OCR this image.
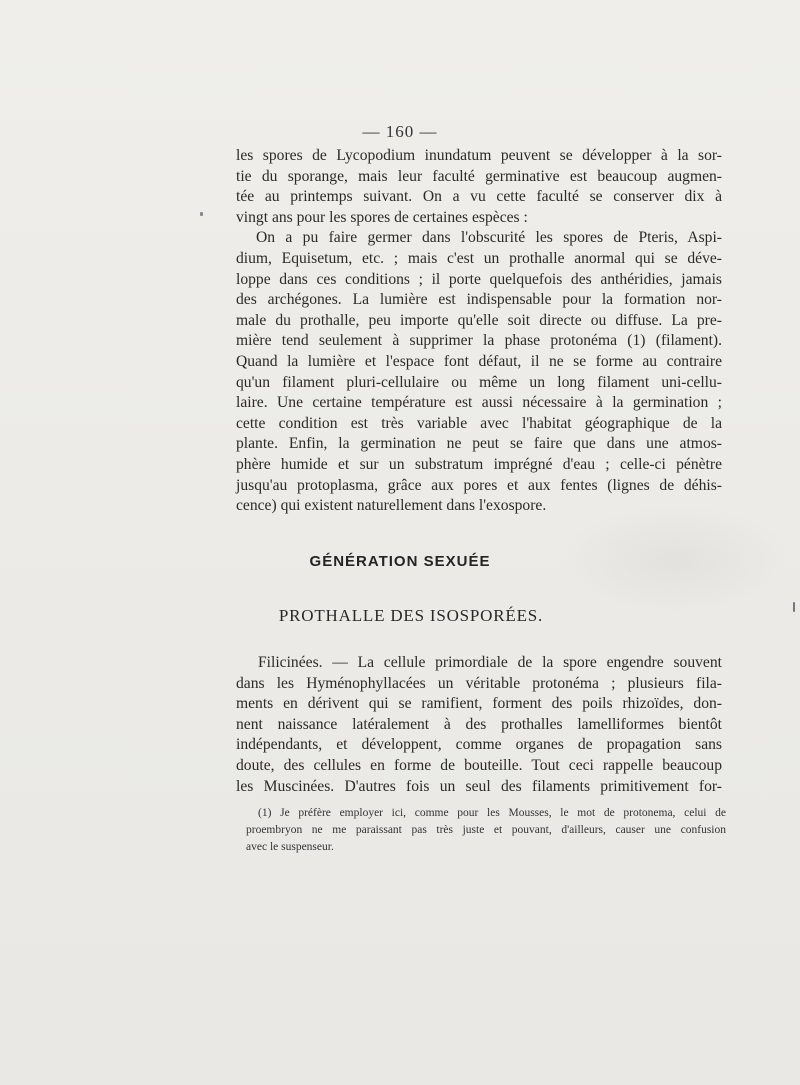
— 160 —
les spores de Lycopodium inundatum peuvent se développer à la sor-
tie du sporange, mais leur faculté germinative est beaucoup augmen-
tée au printemps suivant. On a vu cette faculté se conserver dix à
vingt ans pour les spores de certaines espèces :
On a pu faire germer dans l'obscurité les spores de Pteris, Aspi-
dium, Equisetum, etc. ; mais c'est un prothalle anormal qui se déve-
loppe dans ces conditions ; il porte quelquefois des anthéridies, jamais
des archégones. La lumière est indispensable pour la formation nor-
male du prothalle, peu importe qu'elle soit directe ou diffuse. La pre-
mière tend seulement à supprimer la phase protonéma (1) (filament).
Quand la lumière et l'espace font défaut, il ne se forme au contraire
qu'un filament pluri-cellulaire ou même un long filament uni-cellu-
laire. Une certaine température est aussi nécessaire à la germination ;
cette condition est très variable avec l'habitat géographique de la
plante. Enfin, la germination ne peut se faire que dans une atmos-
phère humide et sur un substratum imprégné d'eau ; celle-ci pénètre
jusqu'au protoplasma, grâce aux pores et aux fentes (lignes de déhis-
cence) qui existent naturellement dans l'exospore.
GÉNÉRATION SEXUÉE
PROTHALLE DES ISOSPORÉES.
Filicinées. — La cellule primordiale de la spore engendre souvent
dans les Hyménophyllacées un véritable protonéma ; plusieurs fila-
ments en dérivent qui se ramifient, forment des poils rhizoïdes, don-
nent naissance latéralement à des prothalles lamelliformes bientôt
indépendants, et développent, comme organes de propagation sans
doute, des cellules en forme de bouteille. Tout ceci rappelle beaucoup
les Muscinées. D'autres fois un seul des filaments primitivement for-
(1) Je préfère employer ici, comme pour les Mousses, le mot de protonema, celui de
proembryon ne me paraissant pas très juste et pouvant, d'ailleurs, causer une confusion
avec le suspenseur.
